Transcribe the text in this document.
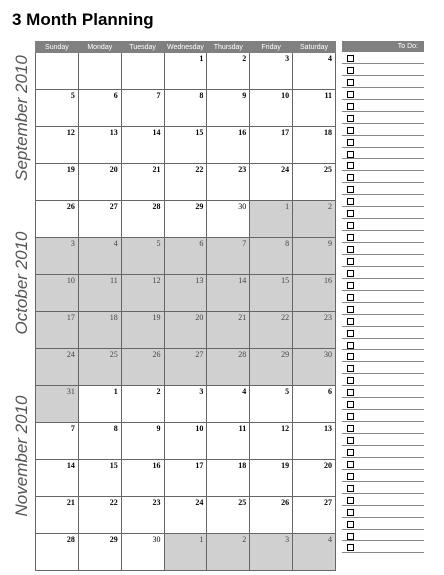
3 Month Planning
September 2010
October 2010
November 2010
Sunday	Monday	Tuesday	Wednesday	Thursday	Friday	Saturday
			1	2	3	4
5	6	7	8	9	10	11
12	13	14	15	16	17	18
19	20	21	22	23	24	25
26	27	28	29	30	1	2
3	4	5	6	7	8	9
10	11	12	13	14	15	16
17	18	19	20	21	22	23
24	25	26	27	28	29	30
31	1	2	3	4	5	6
7	8	9	10	11	12	13
14	15	16	17	18	19	20
21	22	23	24	25	26	27
28	29	30	1	2	3	4
To Do:
